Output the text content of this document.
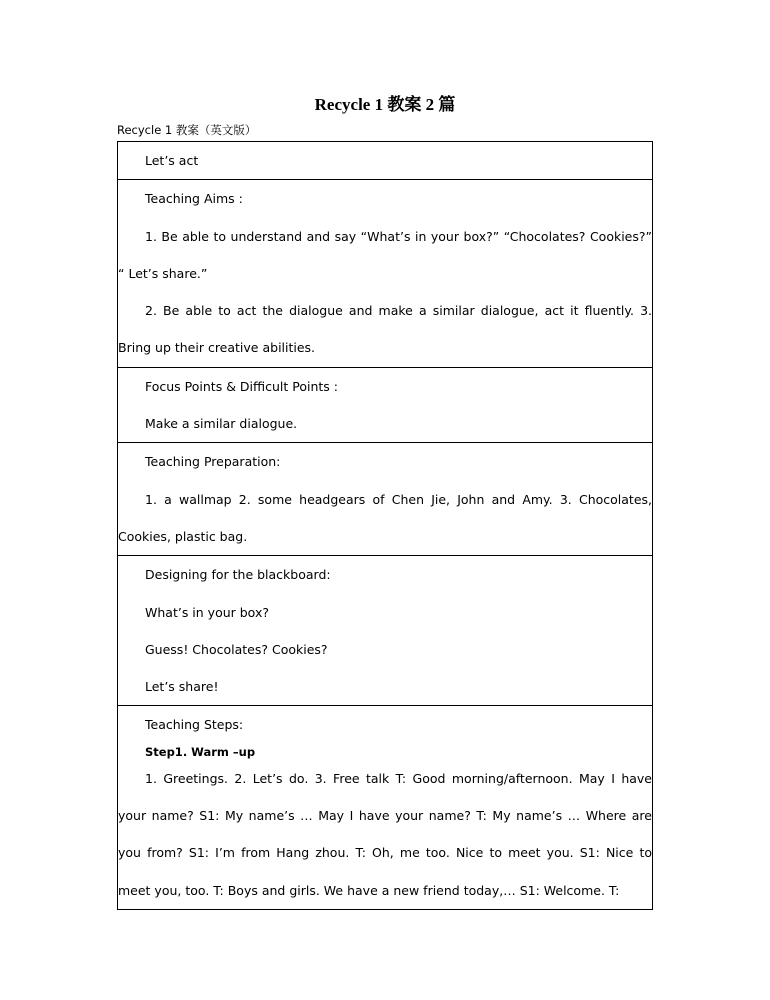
Recycle 1 教案 2 篇
Recycle 1 教案（英文版）

Let’s act

Teaching Aims :

1. Be able to understand and say “What’s in your box?” “Chocolates? Cookies?” “ Let’s share.”

2. Be able to act the dialogue and make a similar dialogue, act it fluently. 3. Bring up their creative abilities.

Focus Points & Difficult Points :

Make a similar dialogue.

Teaching Preparation:

1. a wallmap 2. some headgears of Chen Jie, John and Amy. 3. Chocolates, Cookies, plastic bag.

Designing for the blackboard:

What’s in your box?

Guess! Chocolates? Cookies?

Let’s share!

Teaching Steps:

Step1. Warm –up

1. Greetings. 2. Let’s do. 3. Free talk T: Good morning/afternoon. May I have your name? S1: My name’s … May I have your name? T: My name’s … Where are you from? S1: I’m from Hang zhou. T: Oh, me too. Nice to meet you. S1: Nice to meet you, too. T: Boys and girls. We have a new friend today,… S1: Welcome. T:
